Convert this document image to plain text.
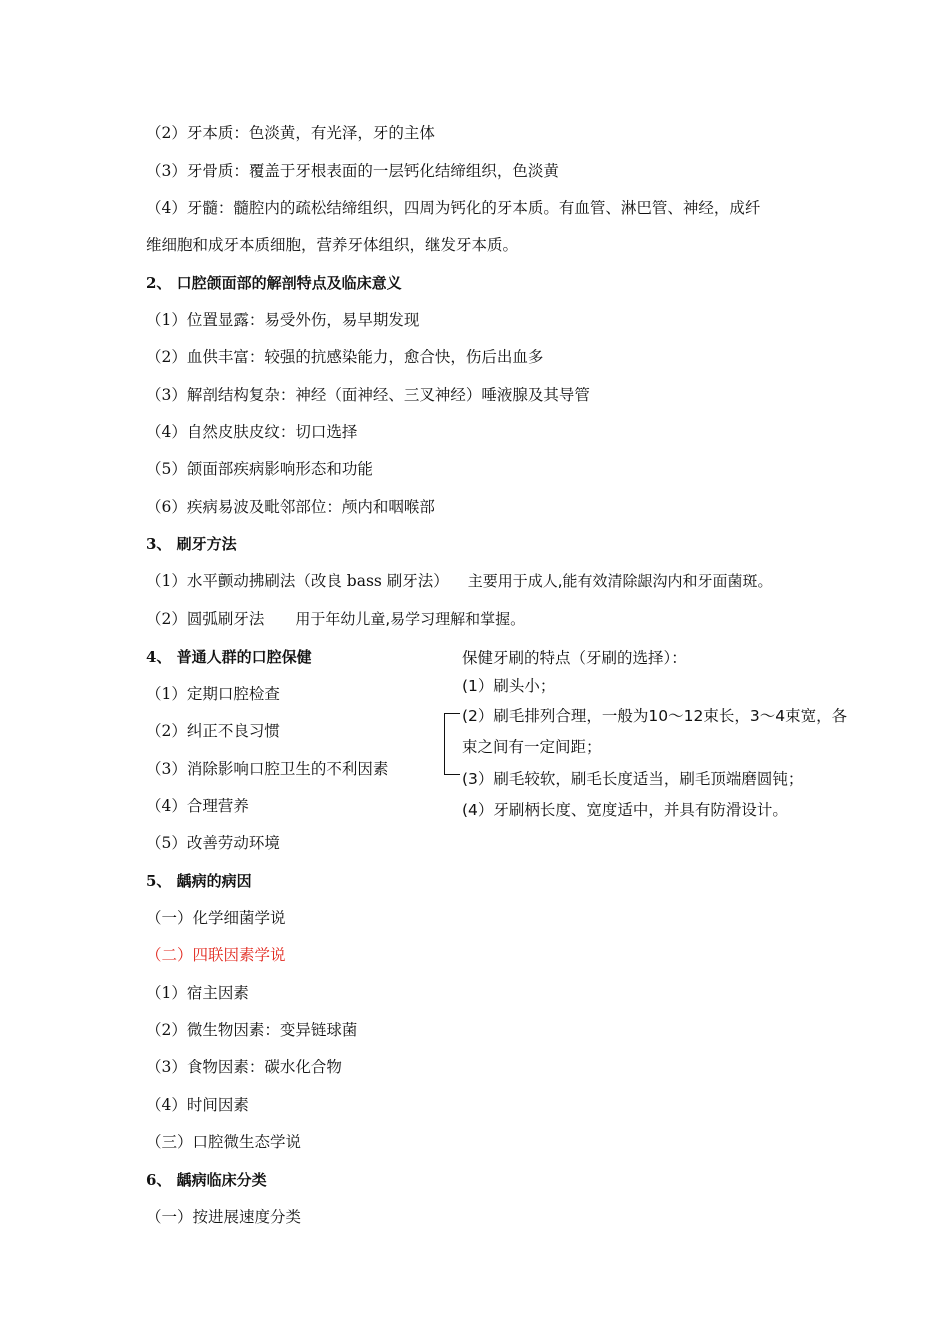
（2）牙本质：色淡黄，有光泽，牙的主体
（3）牙骨质：覆盖于牙根表面的一层钙化结缔组织，色淡黄
（4）牙髓：髓腔内的疏松结缔组织，四周为钙化的牙本质。有血管、淋巴管、神经，成纤
维细胞和成牙本质细胞，营养牙体组织，继发牙本质。
2、 口腔颌面部的解剖特点及临床意义
（1）位置显露：易受外伤，易早期发现
（2）血供丰富：较强的抗感染能力，愈合快，伤后出血多
（3）解剖结构复杂：神经（面神经、三叉神经）唾液腺及其导管
（4）自然皮肤皮纹：切口选择
（5）颌面部疾病影响形态和功能
（6）疾病易波及毗邻部位：颅内和咽喉部
3、 刷牙方法
（1）水平颤动拂刷法（改良 bass 刷牙法） 主要用于成人,能有效清除龈沟内和牙面菌斑。
（2）圆弧刷牙法 用于年幼儿童,易学习理解和掌握。
4、 普通人群的口腔保健
（1）定期口腔检查
（2）纠正不良习惯
（3）消除影响口腔卫生的不利因素
（4）合理营养
（5）改善劳动环境
5、 龋病的病因
（一）化学细菌学说
（二）四联因素学说
（1）宿主因素
（2）微生物因素：变异链球菌
（3）食物因素：碳水化合物
（4）时间因素
（三）口腔微生态学说
6、 龋病临床分类
（一）按进展速度分类
保健牙刷的特点（牙刷的选择）：
(1）刷头小；
(2）刷毛排列合理，一般为10～12束长，3～4束宽，各
束之间有一定间距；
(3）刷毛较软，刷毛长度适当，刷毛顶端磨圆钝；
(4）牙刷柄长度、宽度适中，并具有防滑设计。
